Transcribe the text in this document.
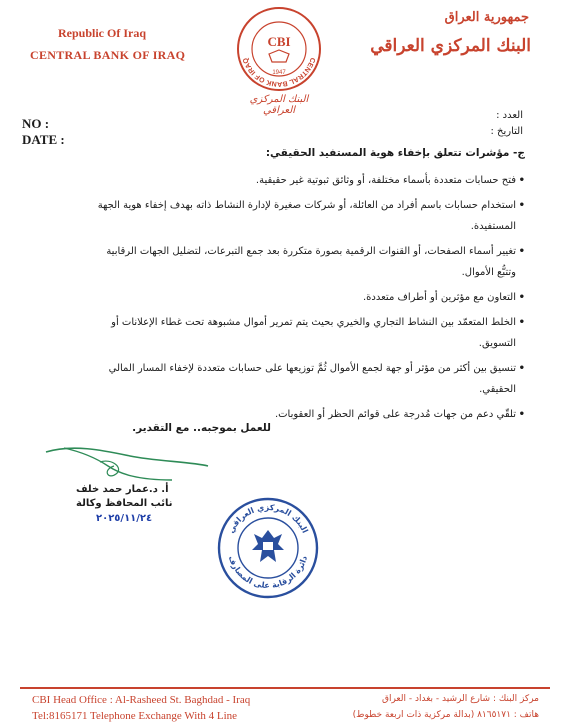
Republic Of Iraq
CENTRAL BANK OF IRAQ
جمهورية العراق
البنك المركزي العراقي
CENTRAL BANK OF IRAQ
CBI
1947
البنك المركزي العراقي
NO :
DATE :
العدد :
التاريخ :
ج- مؤشرات تتعلق بإخفاء هوية المستفيد الحقيقي:
• فتح حسابات متعددة بأسماء مختلفة، أو وثائق ثبوتية غير حقيقية.
• استخدام حسابات باسم أفراد من العائلة، أو شركات صغيرة لإدارة النشاط ذاته بهدف إخفاء هوية الجهة المستفيدة.
• تغيير أسماء الصفحات، أو القنوات الرقمية بصورة متكررة بعد جمع التبرعات، لتضليل الجهات الرقابية وتتبُّع الأموال.
• التعاون مع مؤثرين أو أطراف متعددة.
• الخلط المتعمّد بين النشاط التجاري والخيري بحيث يتم تمرير أموال مشبوهة تحت غطاء الإعلانات أو التسويق.
• تنسيق بين أكثر من مؤثر أو جهة لجمع الأموال ثُمَّ توزيعها على حسابات متعددة لإخفاء المسار المالي الحقيقي.
• تلقّي دعم من جهات مُدرجة على قوائم الحظر أو العقوبات.
للعمل بموجبه.. مع التقدير.
أ. د.عمار حمد خلف
نائب المحافظ وكالة
٢٠٢٥/١١/٢٤
البنك المركزي العراقي
دائرة الرقابة على المصارف
CBI Head Office : Al-Rasheed St. Baghdad - Iraq
Tel:8165171 Telephone Exchange With 4 Line
مركز البنك : شارع الرشيد - بغداد - العراق
هاتف : ٨١٦٥١٧١ (بدالة مركزية ذات اربعة خطوط)
